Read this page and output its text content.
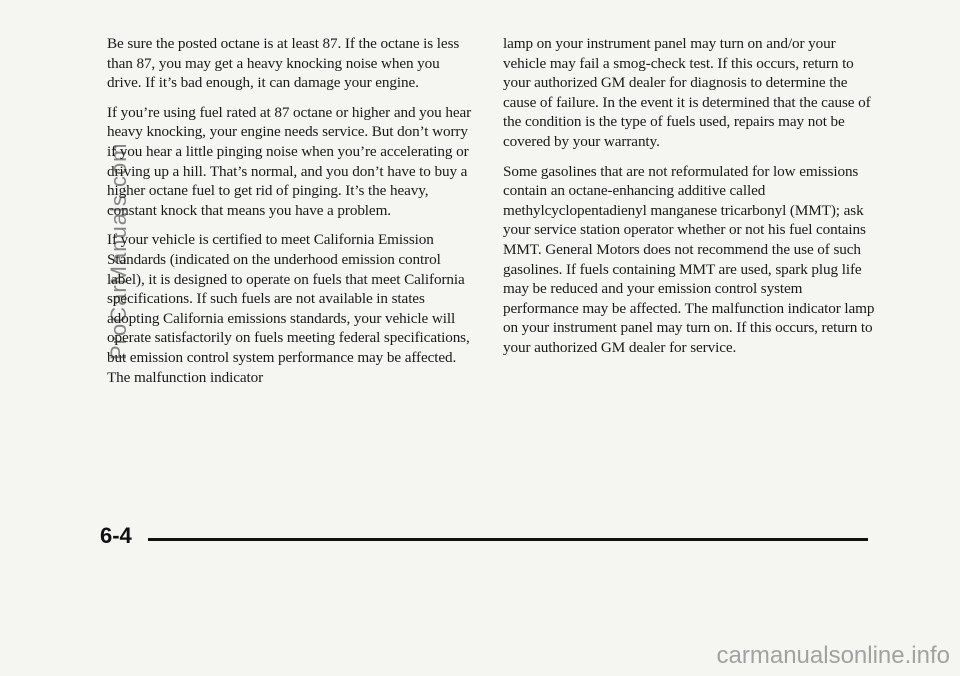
Be sure the posted octane is at least 87. If the octane is less than 87, you may get a heavy knocking noise when you drive. If it’s bad enough, it can damage your engine.

If you’re using fuel rated at 87 octane or higher and you hear heavy knocking, your engine needs service. But don’t worry if you hear a little pinging noise when you’re accelerating or driving up a hill. That’s normal, and you don’t have to buy a higher octane fuel to get rid of pinging. It’s the heavy, constant knock that means you have a problem.

If your vehicle is certified to meet California Emission Standards (indicated on the underhood emission control label), it is designed to operate on fuels that meet California specifications. If such fuels are not available in states adopting California emissions standards, your vehicle will operate satisfactorily on fuels meeting federal specifications, but emission control system performance may be affected. The malfunction indicator

lamp on your instrument panel may turn on and/or your vehicle may fail a smog-check test. If this occurs, return to your authorized GM dealer for diagnosis to determine the cause of failure. In the event it is determined that the cause of the condition is the type of fuels used, repairs may not be covered by your warranty.

Some gasolines that are not reformulated for low emissions contain an octane-enhancing additive called methylcyclopentadienyl manganese tricarbonyl (MMT); ask your service station operator whether or not his fuel contains MMT. General Motors does not recommend the use of such gasolines. If fuels containing MMT are used, spark plug life may be reduced and your emission control system performance may be affected. The malfunction indicator lamp on your instrument panel may turn on. If this occurs, return to your authorized GM dealer for service.

6-4
ProCarManuals.com
carmanualsonline.info
